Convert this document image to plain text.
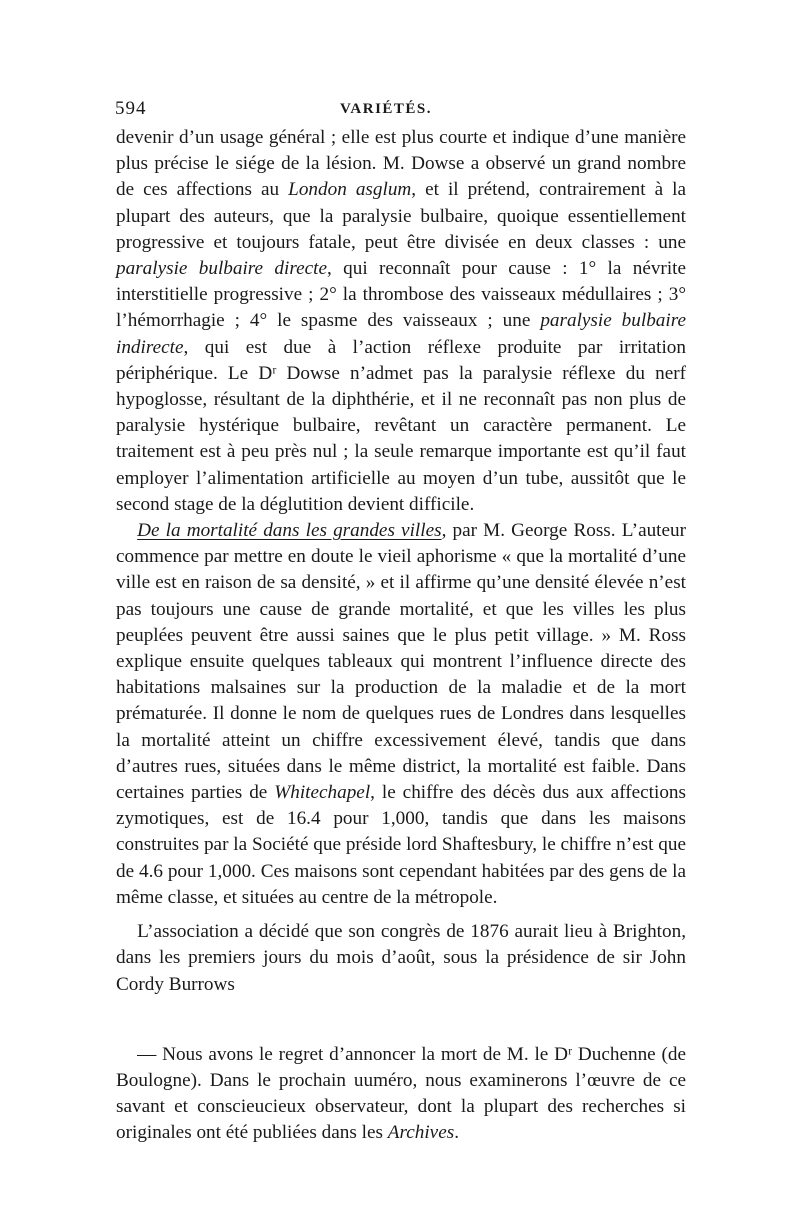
594	VARIÉTÉS.

devenir d’un usage général ; elle est plus courte et indique d’une manière plus précise le siége de la lésion. M. Dowse a observé un grand nombre de ces affections au London asglum, et il prétend, contrairement à la plupart des auteurs, que la paralysie bulbaire, quoique essentiellement progressive et toujours fatale, peut être divisée en deux classes : une paralysie bulbaire directe, qui reconnaît pour cause : 1° la névrite interstitielle progressive ; 2° la thrombose des vaisseaux médullaires ; 3° l’hémorrhagie ; 4° le spasme des vaisseaux ; une paralysie bulbaire indirecte, qui est due à l’action réflexe produite par irritation périphérique. Le Dʳ Dowse n’admet pas la paralysie réflexe du nerf hypoglosse, résultant de la diphthérie, et il ne reconnaît pas non plus de paralysie hystérique bulbaire, revêtant un caractère permanent. Le traitement est à peu près nul ; la seule remarque importante est qu’il faut employer l’alimentation artificielle au moyen d’un tube, aussitôt que le second stage de la déglutition devient difficile.

De la mortalité dans les grandes villes, par M. George Ross. L’auteur commence par mettre en doute le vieil aphorisme « que la mortalité d’une ville est en raison de sa densité, » et il affirme qu’une densité élevée n’est pas toujours une cause de grande mortalité, et que les villes les plus peuplées peuvent être aussi saines que le plus petit village. » M. Ross explique ensuite quelques tableaux qui montrent l’influence directe des habitations malsaines sur la production de la maladie et de la mort prématurée. Il donne le nom de quelques rues de Londres dans lesquelles la mortalité atteint un chiffre excessivement élevé, tandis que dans d’autres rues, situées dans le même district, la mortalité est faible. Dans certaines parties de Whitechapel, le chiffre des décès dus aux affections zymotiques, est de 16.4 pour 1,000, tandis que dans les maisons construites par la Société que préside lord Shaftesbury, le chiffre n’est que de 4.6 pour 1,000. Ces maisons sont cependant habitées par des gens de la même classe, et situées au centre de la métropole.

L’association a décidé que son congrès de 1876 aurait lieu à Brighton, dans les premiers jours du mois d’août, sous la présidence de sir John Cordy Burrows

— Nous avons le regret d’annoncer la mort de M. le Dʳ Duchenne (de Boulogne). Dans le prochain uuméro, nous examinerons l’œuvre de ce savant et conscieucieux observateur, dont la plupart des recherches si originales ont été publiées dans les Archives.
